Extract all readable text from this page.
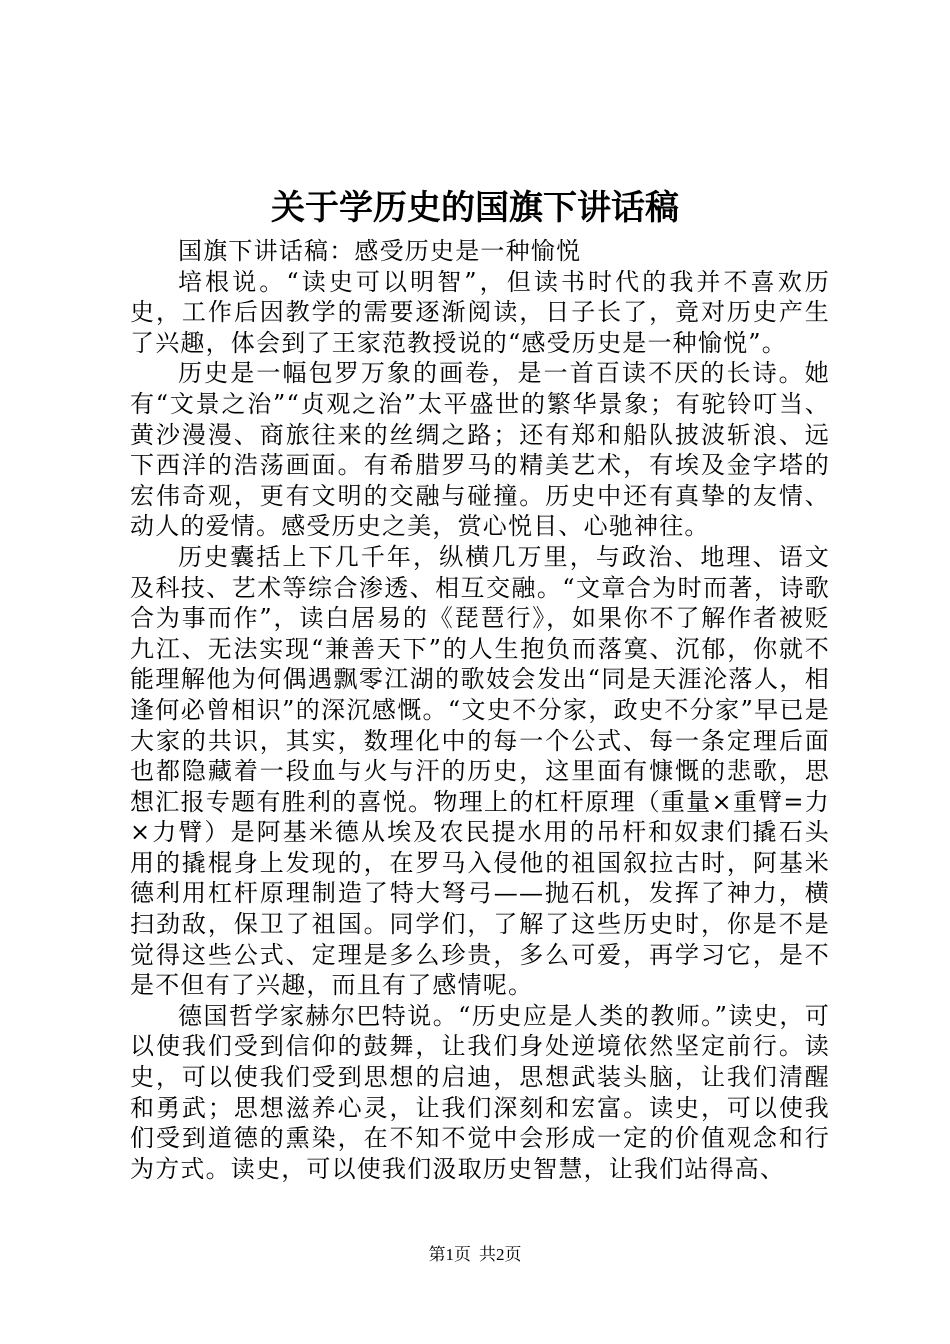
关于学历史的国旗下讲话稿

国旗下讲话稿：感受历史是一种愉悦

培根说。“读史可以明智”，但读书时代的我并不喜欢历史，工作后因教学的需要逐渐阅读，日子长了，竟对历史产生了兴趣，体会到了王家范教授说的“感受历史是一种愉悦”。

历史是一幅包罗万象的画卷，是一首百读不厌的长诗。她有“文景之治”“贞观之治”太平盛世的繁华景象；有驼铃叮当、黄沙漫漫、商旅往来的丝绸之路；还有郑和船队披波斩浪、远下西洋的浩荡画面。有希腊罗马的精美艺术，有埃及金字塔的宏伟奇观，更有文明的交融与碰撞。历史中还有真挚的友情、动人的爱情。感受历史之美，赏心悦目、心驰神往。

历史囊括上下几千年，纵横几万里，与政治、地理、语文及科技、艺术等综合渗透、相互交融。“文章合为时而著，诗歌合为事而作”，读白居易的《琵琶行》，如果你不了解作者被贬九江、无法实现“兼善天下”的人生抱负而落寞、沉郁，你就不能理解他为何偶遇飘零江湖的歌妓会发出“同是天涯沦落人，相逢何必曾相识”的深沉感慨。“文史不分家，政史不分家”早已是大家的共识，其实，数理化中的每一个公式、每一条定理后面也都隐藏着一段血与火与汗的历史，这里面有慷慨的悲歌，思想汇报专题有胜利的喜悦。物理上的杠杆原理（重量×重臂=力×力臂）是阿基米德从埃及农民提水用的吊杆和奴隶们撬石头用的撬棍身上发现的，在罗马入侵他的祖国叙拉古时，阿基米德利用杠杆原理制造了特大弩弓——抛石机，发挥了神力，横扫劲敌，保卫了祖国。同学们，了解了这些历史时，你是不是觉得这些公式、定理是多么珍贵，多么可爱，再学习它，是不是不但有了兴趣，而且有了感情呢。

德国哲学家赫尔巴特说。“历史应是人类的教师。”读史，可以使我们受到信仰的鼓舞，让我们身处逆境依然坚定前行。读史，可以使我们受到思想的启迪，思想武装头脑，让我们清醒和勇武；思想滋养心灵，让我们深刻和宏富。读史，可以使我们受到道德的熏染，在不知不觉中会形成一定的价值观念和行为方式。读史，可以使我们汲取历史智慧，让我们站得高、

第1页 共2页
